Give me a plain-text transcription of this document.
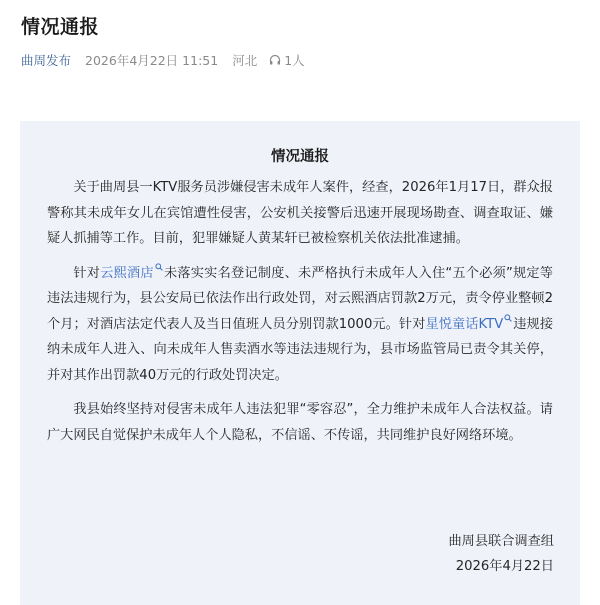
情况通报
曲周发布 2026年4月22日 11:51 河北 1人
情况通报

关于曲周县一KTV服务员涉嫌侵害未成年人案件，经查，2026年1月17日，群众报警称其未成年女儿在宾馆遭性侵害，公安机关接警后迅速开展现场勘查、调查取证、嫌疑人抓捕等工作。目前，犯罪嫌疑人黄某轩已被检察机关依法批准逮捕。

针对云熙酒店 未落实实名登记制度、未严格执行未成年人入住“五个必须”规定等违法违规行为，县公安局已依法作出行政处罚，对云熙酒店罚款2万元，责令停业整顿2个月；对酒店法定代表人及当日值班人员分别罚款1000元。针对星悦童话KTV 违规接纳未成年人进入、向未成年人售卖酒水等违法违规行为，县市场监管局已责令其关停，并对其作出罚款40万元的行政处罚决定。

我县始终坚持对侵害未成年人违法犯罪“零容忍”，全力维护未成年人合法权益。请广大网民自觉保护未成年人个人隐私，不信谣、不传谣，共同维护良好网络环境。

曲周县联合调查组
2026年4月22日
